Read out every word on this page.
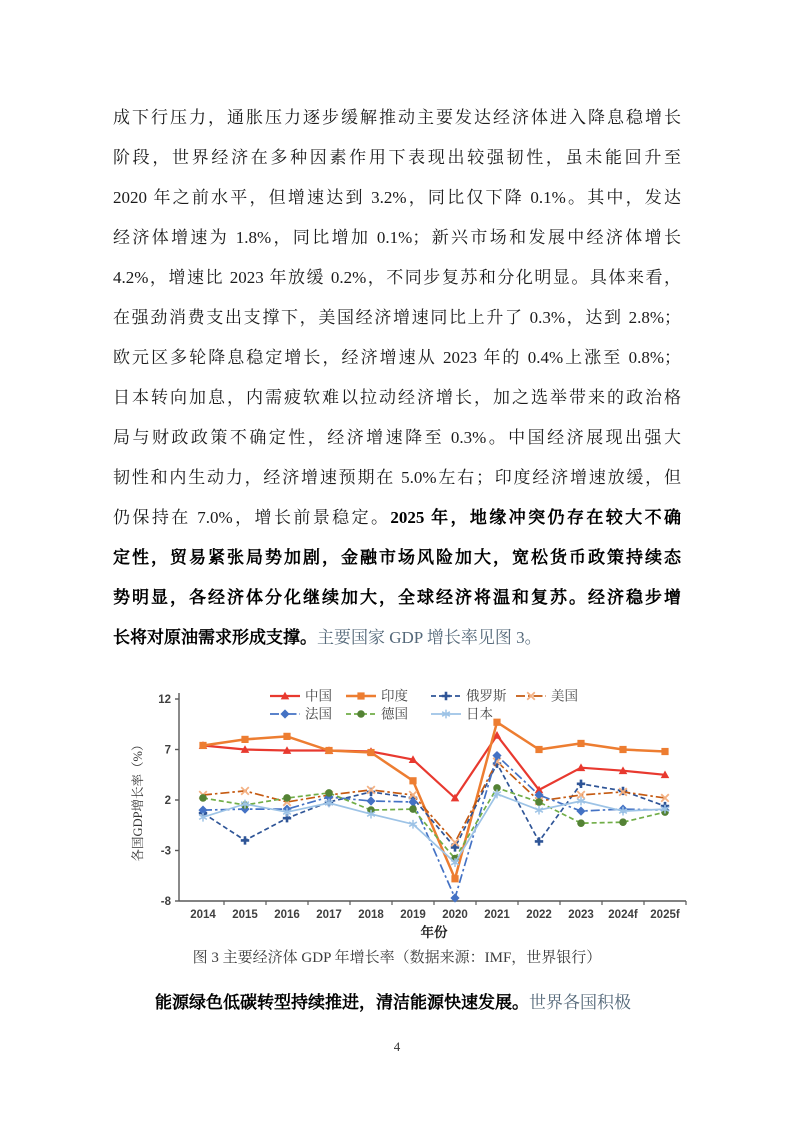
成下行压力，通胀压力逐步缓解推动主要发达经济体进入降息稳增长
阶段，世界经济在多种因素作用下表现出较强韧性，虽未能回升至
2020 年之前水平，但增速达到 3.2%，同比仅下降 0.1%。其中，发达
经济体增速为 1.8%，同比增加 0.1%；新兴市场和发展中经济体增长
4.2%，增速比 2023 年放缓 0.2%，不同步复苏和分化明显。具体来看，
在强劲消费支出支撑下，美国经济增速同比上升了 0.3%，达到 2.8%；
欧元区多轮降息稳定增长，经济增速从 2023 年的 0.4%上涨至 0.8%；
日本转向加息，内需疲软难以拉动经济增长，加之选举带来的政治格
局与财政政策不确定性，经济增速降至 0.3%。中国经济展现出强大
韧性和内生动力，经济增速预期在 5.0%左右；印度经济增速放缓，但
仍保持在 7.0%，增长前景稳定。2025 年，地缘冲突仍存在较大不确
定性，贸易紧张局势加剧，金融市场风险加大，宽松货币政策持续态
势明显，各经济体分化继续加大，全球经济将温和复苏。经济稳步增
长将对原油需求形成支撑。主要国家 GDP 增长率见图 3。
12
7
2
-3
-8
2014 2015 2016 2017 2018 2019 2020 2021 2022 2023 2024f 2025f
各国GDP增长率（%）
年份
中国	印度	俄罗斯	美国
法国	德国	日本
图 3 主要经济体 GDP 年增长率（数据来源：IMF，世界银行）
能源绿色低碳转型持续推进，清洁能源快速发展。世界各国积极
4
